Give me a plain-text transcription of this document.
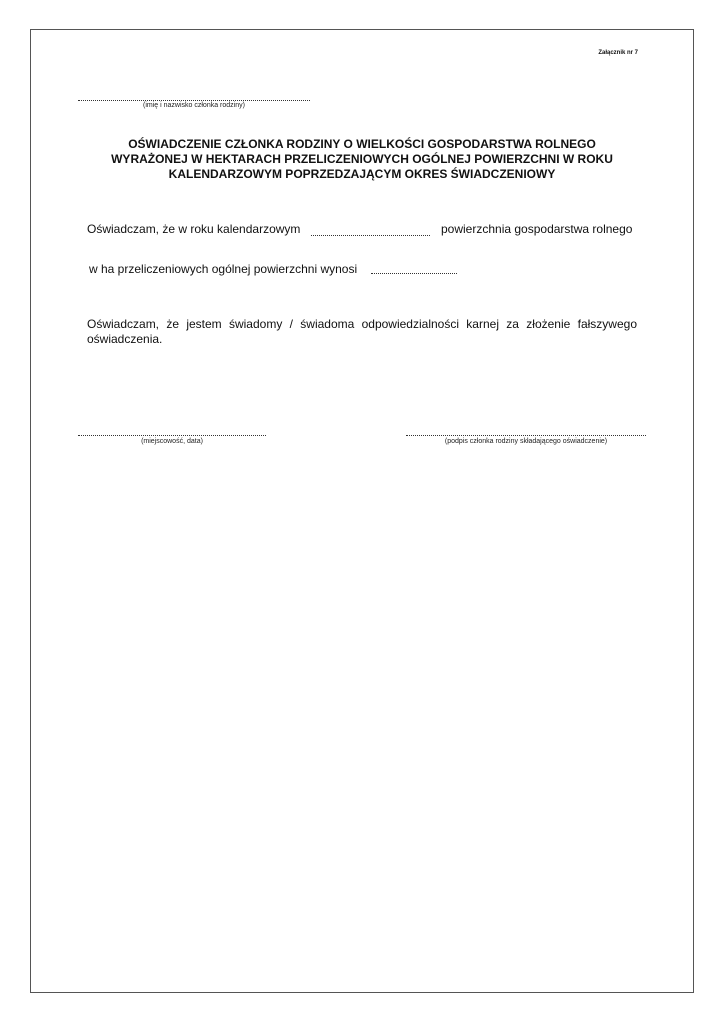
Załącznik nr 7
(imię i nazwisko członka rodziny)
OŚWIADCZENIE CZŁONKA RODZINY O WIELKOŚCI GOSPODARSTWA ROLNEGO
WYRAŻONEJ W HEKTARACH PRZELICZENIOWYCH OGÓLNEJ POWIERZCHNI W ROKU
KALENDARZOWYM POPRZEDZAJĄCYM OKRES ŚWIADCZENIOWY
Oświadczam, że w roku kalendarzowym	powierzchnia gospodarstwa rolnego
w ha przeliczeniowych ogólnej powierzchni wynosi
Oświadczam, że jestem świadomy / świadoma odpowiedzialności karnej za złożenie fałszywego oświadczenia.
(miejscowość, data)	(podpis członka rodziny składającego oświadczenie)
